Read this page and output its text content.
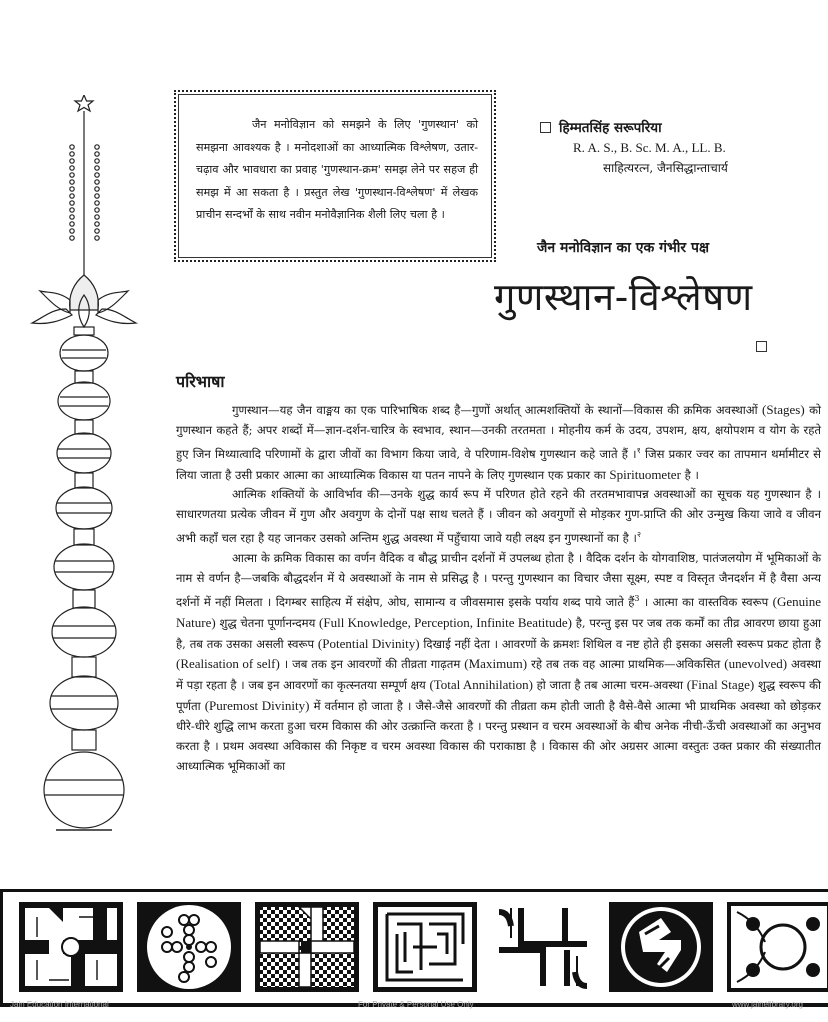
जैन मनोविज्ञान को समझने के लिए 'गुणस्थान' को समझना आवश्यक है । मनोदशाओं का आध्यात्मिक विश्लेषण, उतार-चढ़ाव और भावधारा का प्रवाह 'गुणस्थान-क्रम' समझ लेने पर सहज ही समझ में आ सकता है । प्रस्तुत लेख 'गुणस्थान-विश्लेषण' में लेखक प्राचीन सन्दर्भों के साथ नवीन मनोवैज्ञानिक शैली लिए चला है ।

हिम्मतसिंह सरूपरिया
R. A. S., B. Sc. M. A., LL. B.
साहित्यरत्न, जैनसिद्धान्ताचार्य
जैन मनोविज्ञान का एक गंभीर पक्ष
गुणस्थान-विश्लेषण
परिभाषा

गुणस्थान—यह जैन वाङ्मय का एक पारिभाषिक शब्द है—गुणों अर्थात् आत्मशक्तियों के स्थानों—विकास की क्रमिक अवस्थाओं (Stages) को गुणस्थान कहते हैं; अपर शब्दों में—ज्ञान-दर्शन-चारित्र के स्वभाव, स्थान—उनकी तरतमता । मोहनीय कर्म के उदय, उपशम, क्षय, क्षयोपशम व योग के रहते हुए जिन मिथ्यात्वादि परिणामों के द्वारा जीवों का विभाग किया जावे, वे परिणाम-विशेष गुणस्थान कहे जाते हैं ।$^१$ जिस प्रकार ज्वर का तापमान थर्मामीटर से लिया जाता है उसी प्रकार आत्मा का आध्यात्मिक विकास या पतन नापने के लिए गुणस्थान एक प्रकार का Spirituometer है ।

आत्मिक शक्तियों के आविर्भाव की—उनके शुद्ध कार्य रूप में परिणत होते रहने की तरतमभावापन्न अवस्थाओं का सूचक यह गुणस्थान है । साधारणतया प्रत्येक जीवन में गुण और अवगुण के दोनों पक्ष साथ चलते हैं । जीवन को अवगुणों से मोड़कर गुण-प्राप्ति की ओर उन्मुख किया जावे व जीवन अभी कहाँ चल रहा है यह जानकर उसको अन्तिम शुद्ध अवस्था में पहुँचाया जावे यही लक्ष्य इन गुणस्थानों का है ।$^२$

आत्मा के क्रमिक विकास का वर्णन वैदिक व बौद्ध प्राचीन दर्शनों में उपलब्ध होता है । वैदिक दर्शन के योगवाशिष्ठ, पातंजलयोग में भूमिकाओं के नाम से वर्णन है—जबकि बौद्धदर्शन में ये अवस्थाओं के नाम से प्रसिद्ध है । परन्तु गुणस्थान का विचार जैसा सूक्ष्म, स्पष्ट व विस्तृत जैनदर्शन में है वैसा अन्य दर्शनों में नहीं मिलता । दिगम्बर साहित्य में संक्षेप, ओघ, सामान्य व जीवसमास इसके पर्याय शब्द पाये जाते हैं$^3$ । आत्मा का वास्तविक स्वरूप (Genuine Nature) शुद्ध चेतना पूर्णानन्दमय (Full Knowledge, Perception, Infinite Beatitude) है, परन्तु इस पर जब तक कर्मों का तीव्र आवरण छाया हुआ है, तब तक उसका असली स्वरूप (Potential Divinity) दिखाई नहीं देता । आवरणों के क्रमशः शिथिल व नष्ट होते ही इसका असली स्वरूप प्रकट होता है (Realisation of self) । जब तक इन आवरणों की तीव्रता गाढ़तम (Maximum) रहे तब तक वह आत्मा प्राथमिक—अविकसित (unevolved) अवस्था में पड़ा रहता है । जब इन आवरणों का कृत्स्नतया सम्पूर्ण क्षय (Total Annihilation) हो जाता है तब आत्मा चरम-अवस्था (Final Stage) शुद्ध स्वरूप की पूर्णता (Puremost Divinity) में वर्तमान हो जाता है । जैसे-जैसे आवरणों की तीव्रता कम होती जाती है वैसे-वैसे आत्मा भी प्राथमिक अवस्था को छोड़कर धीरे-धीरे शुद्धि लाभ करता हुआ चरम विकास की ओर उत्क्रान्ति करता है । परन्तु प्रस्थान व चरम अवस्थाओं के बीच अनेक नीची-ऊँची अवस्थाओं का अनुभव करता है । प्रथम अवस्था अविकास की निकृष्ट व चरम अवस्था विकास की पराकाष्ठा है । विकास की ओर अग्रसर आत्मा वस्तुतः उक्त प्रकार की संख्यातीत आध्यात्मिक भूमिकाओं का

Jain Education International	For Private & Personal Use Only	www.jainelibrary.org
